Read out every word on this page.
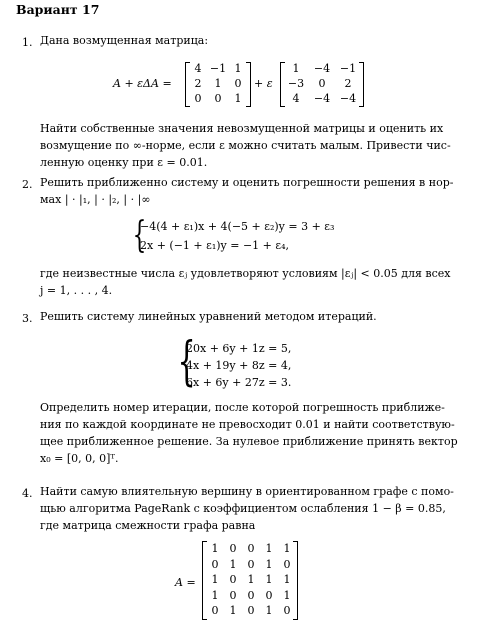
Вариант 17
1. Дана возмущенная матрица:
A + εΔA =
4 −1 1
2	1	0
0	0	1
+ ε
1	−4 −1
−3	0	2
4	−4 −4
Найти собственные значения невозмущенной матрицы и оценить их
возмущение по ∞-норме, если ε можно считать малым. Привести чис-
ленную оценку при ε = 0.01.
2. Решить приближенно систему и оценить погрешности решения в нор-
мах | · |₁, | · |₂, | · |∞
{
−4(4 + ε₁)x + 4(−5 + ε₂)y = 3 + ε₃
2x + (−1 + ε₁)y = −1 + ε₄,
где неизвестные числа εⱼ удовлетворяют условиям |εⱼ| < 0.05 для всех
j = 1, . . . , 4.
3. Решить систему линейных уравнений методом итераций.
{
20x + 6y + 1z = 5,
4x + 19y + 8z = 4,
6x + 6y + 27z = 3.
Определить номер итерации, после которой погрешность приближе-
ния по каждой координате не превосходит 0.01 и найти соответствую-
щее приближенное решение. За нулевое приближение принять вектор
x₀ = [0, 0, 0]ᵀ.
4. Найти самую влиятельную вершину в ориентированном графе с помо-
щью алгоритма PageRank с коэффициентом ослабления 1 − β = 0.85,
где матрица смежности графа равна
A =
1	0	0	1	1
0	1	0	1	0
1	0	1	1	1
1	0	0	0	1
0	1	0	1	0
